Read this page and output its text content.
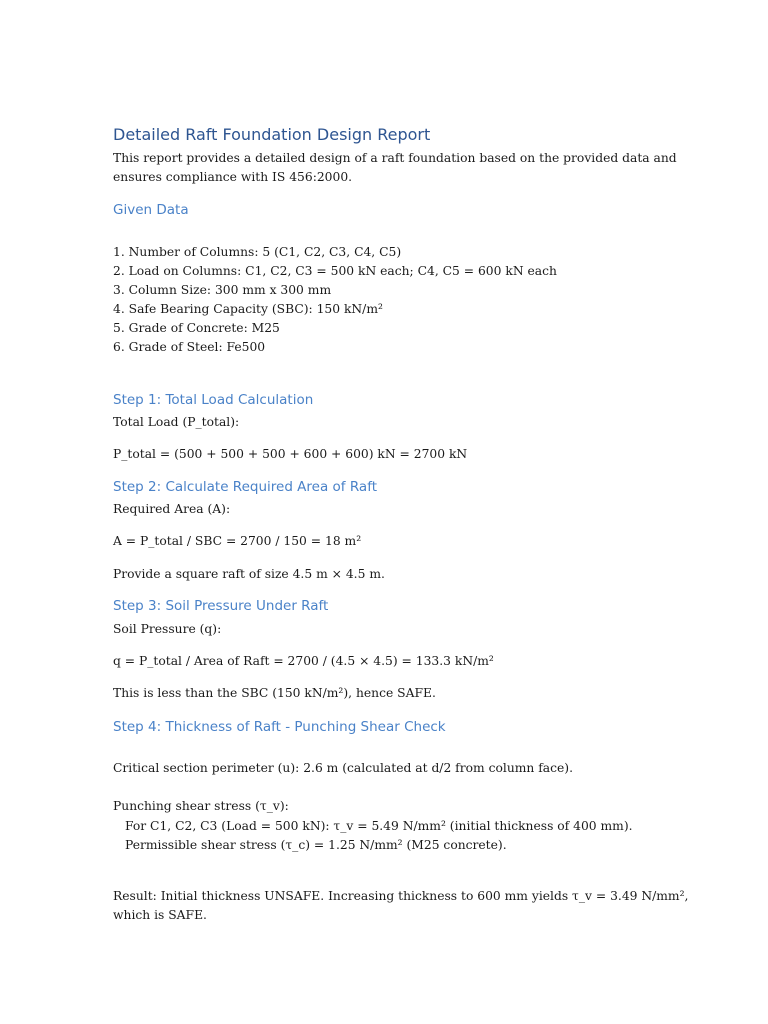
Detailed Raft Foundation Design Report
This report provides a detailed design of a raft foundation based on the provided data and
ensures compliance with IS 456:2000.
Given Data
1. Number of Columns: 5 (C1, C2, C3, C4, C5)
2. Load on Columns: C1, C2, C3 = 500 kN each; C4, C5 = 600 kN each
3. Column Size: 300 mm x 300 mm
4. Safe Bearing Capacity (SBC): 150 kN/m²
5. Grade of Concrete: M25
6. Grade of Steel: Fe500
Step 1: Total Load Calculation
Total Load (P_total):
P_total = (500 + 500 + 500 + 600 + 600) kN = 2700 kN
Step 2: Calculate Required Area of Raft
Required Area (A):
A = P_total / SBC = 2700 / 150 = 18 m²
Provide a square raft of size 4.5 m × 4.5 m.
Step 3: Soil Pressure Under Raft
Soil Pressure (q):
q = P_total / Area of Raft = 2700 / (4.5 × 4.5) = 133.3 kN/m²
This is less than the SBC (150 kN/m²), hence SAFE.
Step 4: Thickness of Raft - Punching Shear Check
Critical section perimeter (u): 2.6 m (calculated at d/2 from column face).
Punching shear stress (τ_v):
For C1, C2, C3 (Load = 500 kN): τ_v = 5.49 N/mm² (initial thickness of 400 mm).
Permissible shear stress (τ_c) = 1.25 N/mm² (M25 concrete).
Result: Initial thickness UNSAFE. Increasing thickness to 600 mm yields τ_v = 3.49 N/mm²,
which is SAFE.
